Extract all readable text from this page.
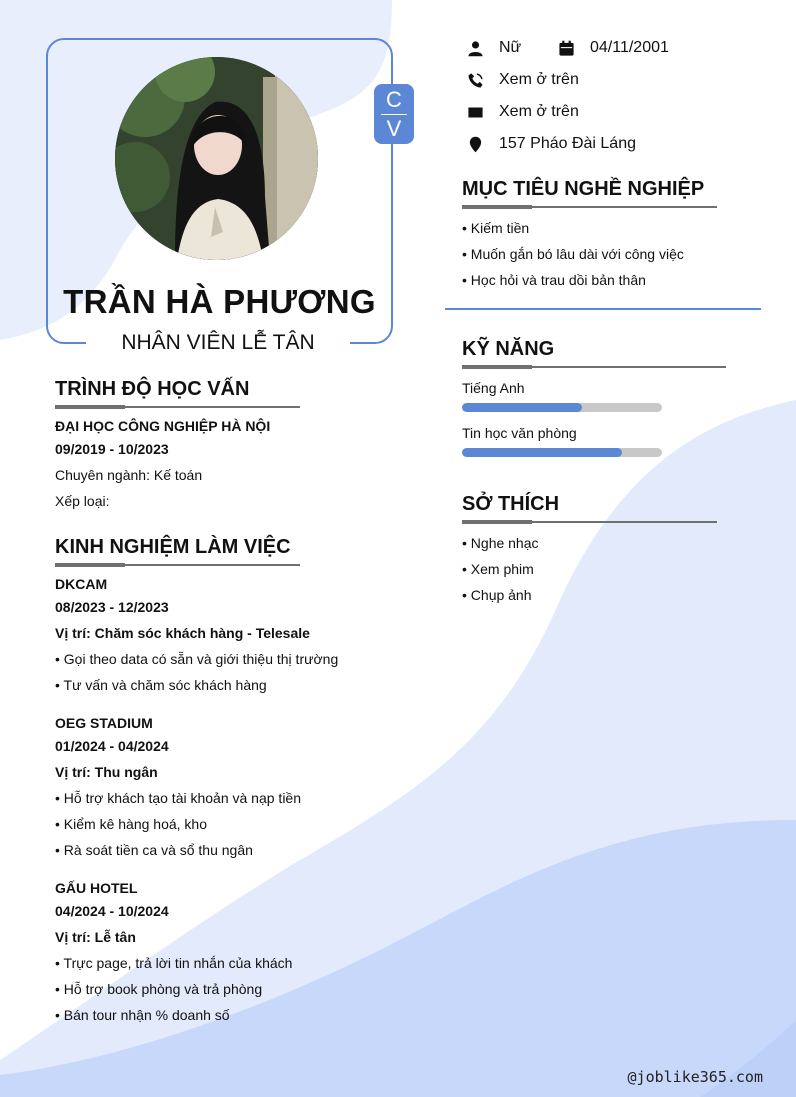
C
V
TRẦN HÀ PHƯƠNG
NHÂN VIÊN LỄ TÂN
Nữ	04/11/2001
Xem ở trên
Xem ở trên
157 Pháo Đài Láng
MỤC TIÊU NGHỀ NGHIỆP
• Kiếm tiền
• Muốn gắn bó lâu dài với công việc
• Học hỏi và trau dồi bản thân
KỸ NĂNG
Tiếng Anh
Tin học văn phòng
SỞ THÍCH
• Nghe nhạc
• Xem phim
• Chụp ảnh
TRÌNH ĐỘ HỌC VẤN
ĐẠI HỌC CÔNG NGHIỆP HÀ NỘI
09/2019 - 10/2023
Chuyên ngành: Kế toán
Xếp loại:
KINH NGHIỆM LÀM VIỆC
DKCAM
08/2023 - 12/2023
Vị trí: Chăm sóc khách hàng - Telesale
• Gọi theo data có sẵn và giới thiệu thị trường
• Tư vấn và chăm sóc khách hàng
OEG STADIUM
01/2024 - 04/2024
Vị trí: Thu ngân
• Hỗ trợ khách tạo tài khoản và nạp tiền
• Kiểm kê hàng hoá, kho
• Rà soát tiền ca và sổ thu ngân
GẤU HOTEL
04/2024 - 10/2024
Vị trí: Lễ tân
• Trực page, trả lời tin nhắn của khách
• Hỗ trợ book phòng và trả phòng
• Bán tour nhận % doanh số
@joblike365.com
